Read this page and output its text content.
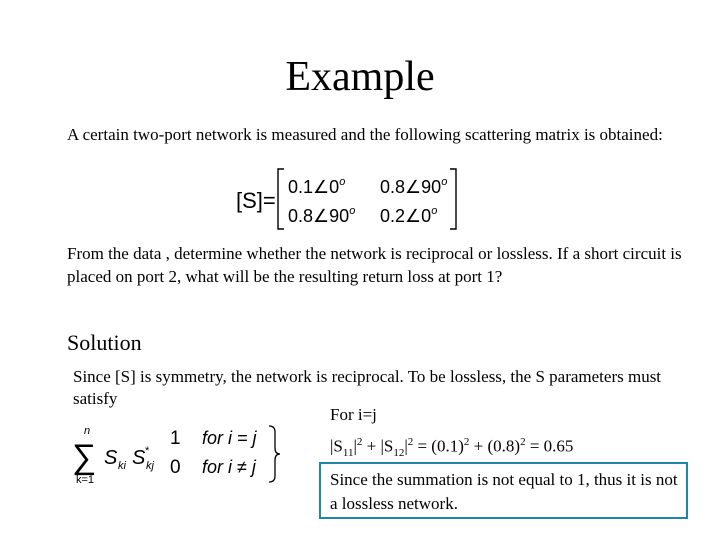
Example
A certain two-port network is measured and the following scattering matrix is obtained:
[S]=
$0.1\angle 0^o$ 0.8∠90$^o$
0.8∠90$^o$ 0.2∠0$^o$
From the data , determine whether the network is reciprocal or lossless. If a short circuit is placed on port 2, what will be the resulting return loss at port 1?
Solution
Since [S] is symmetry, the network is reciprocal. To be lossless, the S parameters must satisfy
n
∑
k=1
S ki S *
kj
1 for i = j
0 for i ≠ j
For i=j
$|S_{11}|^2 + |S_{12}|^2 = (0.1)^2 + (0.8)^2 = 0.65$
Since the summation is not equal to 1, thus it is not a lossless network.
